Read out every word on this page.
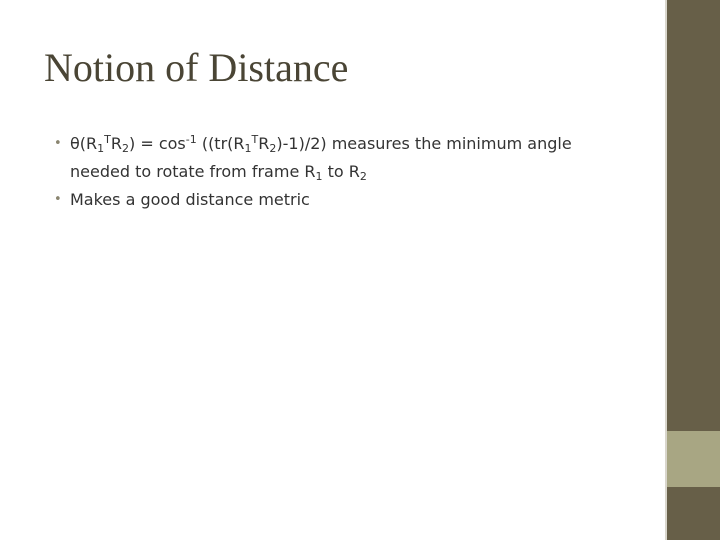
Notion of Distance
• $\theta(R_1^TR_2) = \cos^{-1} ((tr(R_1^TR_2)-1)/2)$ measures the minimum angle
needed to rotate from frame $R_1$ to $R_2$
• Makes a good distance metric
